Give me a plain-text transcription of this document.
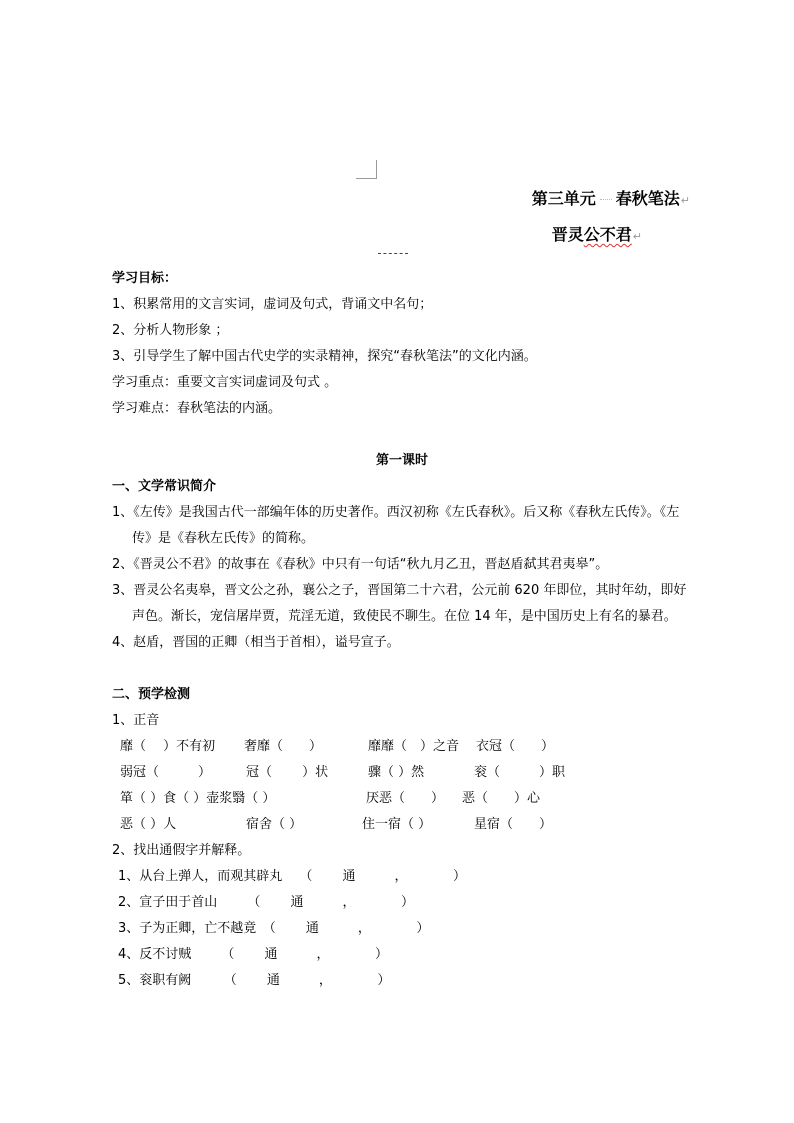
第三单元 春秋笔法↵
晋灵公不君↵
学习目标：
1、积累常用的文言实词，虚词及句式，背诵文中名句；
2、分析人物形象 ；
3、引导学生了解中国古代史学的实录精神，探究“春秋笔法”的文化内涵。
学习重点：重要文言实词虚词及句式 。
学习难点：春秋笔法的内涵。
第一课时
一、文学常识简介
1、《左传》是我国古代一部编年体的历史著作。西汉初称《左氏春秋》。后又称《春秋左氏传》。《左传》是《春秋左氏传》的简称。
2、《晋灵公不君》的故事在《春秋》中只有一句话“秋九月乙丑，晋赵盾弑其君夷皋”。
3、晋灵公名夷皋，晋文公之孙，襄公之子，晋国第二十六君，公元前 620 年即位，其时年幼，即好声色。渐长，宠信屠岸贾，荒淫无道，致使民不聊生。在位 14 年，是中国历史上有名的暴君。
4、赵盾，晋国的正卿（相当于首相），谥号宣子。
二、预学检测
1、正音
靡（　 ）不有初 奢靡（　　）	靡靡（　）之音 衣冠（　　）
弱冠（　　　）	冠（　　 ）状	骤（ ）然	衮（　　　）职
箪（ ）食（ ）壶浆翳（ ）	厌恶（　　） 恶（　　）心
恶（ ）人	宿舍（ ）	住一宿（ ）	星宿（　　）
2、找出通假字并解释。
1、从台上弹人，而观其辟丸　 （　　 通　　　，　　　　）
2、宣子田于首山　　 （　　 通　　　，　　　　）
3、子为正卿，亡不越竟　（　　 通　　　，　　　　）
4、反不讨贼　　 （　　 通　　　，　　　　）
5、衮职有阙　　　（　　 通　　　，　　　　）
